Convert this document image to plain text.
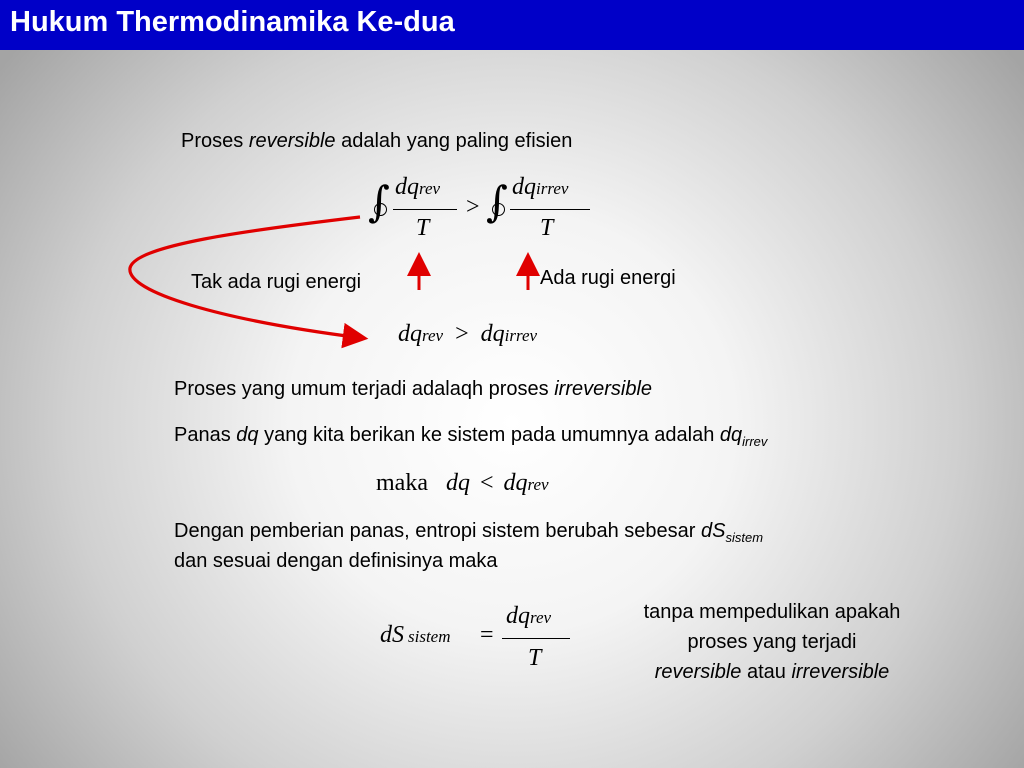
Hukum Thermodinamika Ke-dua
Proses reversible adalah yang paling efisien
∫ dqrev
T
> ∫ dqirrev
T
Tak ada rugi energi	Ada rugi energi
dqrev > dqirrev
Proses yang umum terjadi adalaqh proses irreversible
Panas dq yang kita berikan ke sistem pada umumnya adalah $dq_{irrev}$
maka dq < dqrev
Dengan pemberian panas, entropi sistem berubah sebesar $dS_{sistem}$
dan sesuai dengan definisinya maka
dS sistem =
dqrev
T
tanpa mempedulikan apakah
proses yang terjadi
reversible atau irreversible
